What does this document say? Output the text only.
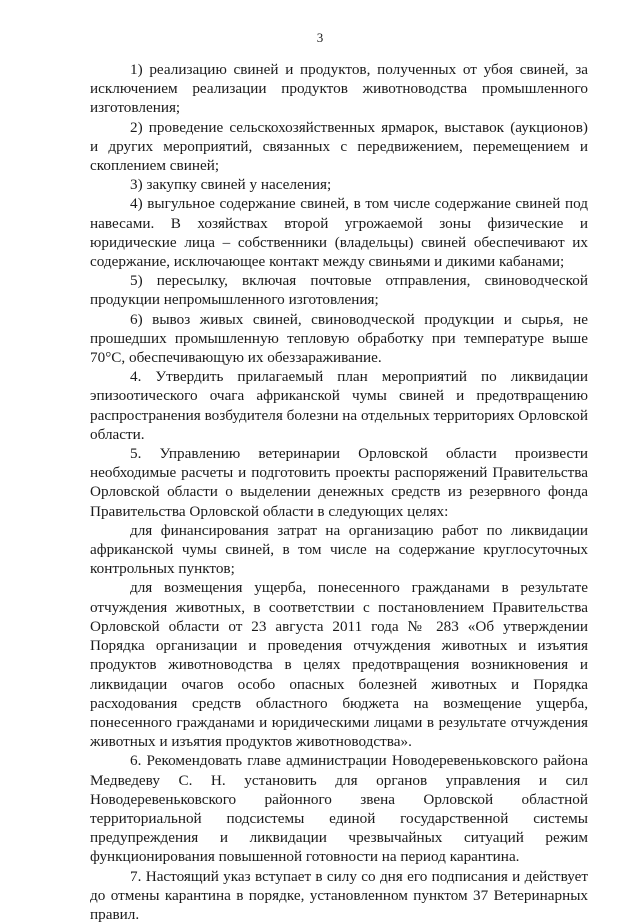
3

1) реализацию свиней и продуктов, полученных от убоя свиней, за исключением реализации продуктов животноводства промышленного изготовления;

2) проведение сельскохозяйственных ярмарок, выставок (аукционов) и других мероприятий, связанных с передвижением, перемещением и скоплением свиней;

3) закупку свиней у населения;

4) выгульное содержание свиней, в том числе содержание свиней под навесами. В хозяйствах второй угрожаемой зоны физические и юридические лица – собственники (владельцы) свиней обеспечивают их содержание, исключающее контакт между свиньями и дикими кабанами;

5) пересылку, включая почтовые отправления, свиноводческой продукции непромышленного изготовления;

6) вывоз живых свиней, свиноводческой продукции и сырья, не прошедших промышленную тепловую обработку при температуре выше 70°С, обеспечивающую их обеззараживание.

4. Утвердить прилагаемый план мероприятий по ликвидации эпизоотического очага африканской чумы свиней и предотвращению распространения возбудителя болезни на отдельных территориях Орловской области.

5. Управлению ветеринарии Орловской области произвести необходимые расчеты и подготовить проекты распоряжений Правительства Орловской области о выделении денежных средств из резервного фонда Правительства Орловской области в следующих целях:

для финансирования затрат на организацию работ по ликвидации африканской чумы свиней, в том числе на содержание круглосуточных контрольных пунктов;

для возмещения ущерба, понесенного гражданами в результате отчуждения животных, в соответствии с постановлением Правительства Орловской области от 23 августа 2011 года № 283 «Об утверждении Порядка организации и проведения отчуждения животных и изъятия продуктов животноводства в целях предотвращения возникновения и ликвидации очагов особо опасных болезней животных и Порядка расходования средств областного бюджета на возмещение ущерба, понесенного гражданами и юридическими лицами в результате отчуждения животных и изъятия продуктов животноводства».

6. Рекомендовать главе администрации Новодеревеньковского района Медведеву С. Н. установить для органов управления и сил Новодеревеньковского районного звена Орловской областной территориальной подсистемы единой государственной системы предупреждения и ликвидации чрезвычайных ситуаций режим функционирования повышенной готовности на период карантина.

7. Настоящий указ вступает в силу со дня его подписания и действует до отмены карантина в порядке, установленном пунктом 37 Ветеринарных правил.
